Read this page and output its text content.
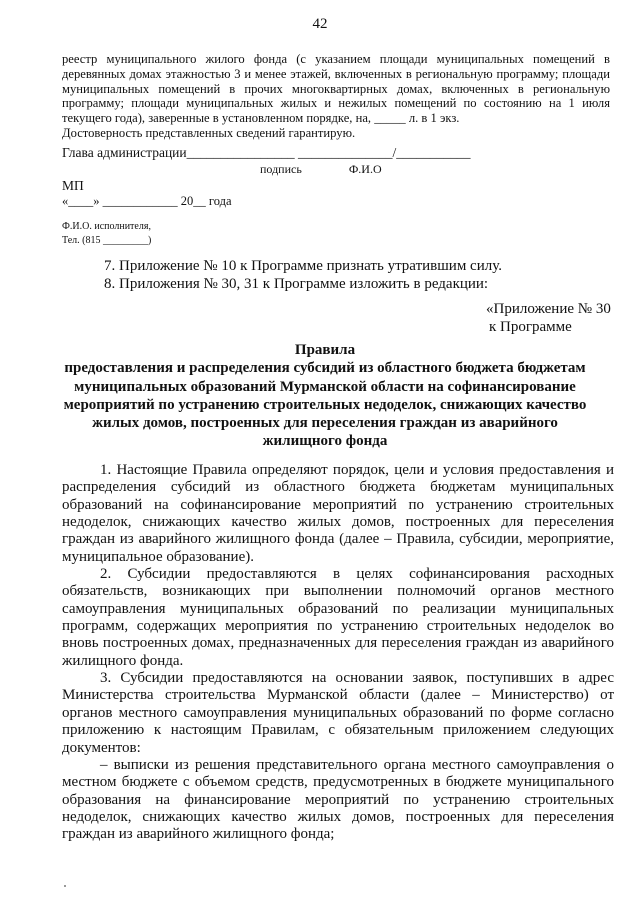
42

реестр муниципального жилого фонда (с указанием площади муниципальных помещений в деревянных домах этажностью 3 и менее этажей, включенных в региональную программу; площади муниципальных помещений в прочих многоквартирных домах, включенных в региональную программу; площади муниципальных жилых и нежилых помещений по состоянию на 1 июля текущего года), заверенные в установленном порядке, на, _____ л. в 1 экз.

Достоверность представленных сведений гарантирую.

Глава администрации________________ ______________/___________
подпись	Ф.И.О
МП
«____» ____________ 20__ года
Ф.И.О. исполнителя,
Тел. (815 _________)
7. Приложение № 10 к Программе признать утратившим силу.
8. Приложения № 30, 31 к Программе изложить в редакции:
«Приложение № 30
к Программе
Правила
предоставления и распределения субсидий из областного бюджета бюджетам муниципальных образований Мурманской области на софинансирование мероприятий по устранению строительных недоделок, снижающих качество жилых домов, построенных для переселения граждан из аварийного жилищного фонда

1. Настоящие Правила определяют порядок, цели и условия предоставления и распределения субсидий из областного бюджета бюджетам муниципальных образований на софинансирование мероприятий по устранению строительных недоделок, снижающих качество жилых домов, построенных для переселения граждан из аварийного жилищного фонда (далее – Правила, субсидии, мероприятие, муниципальное образование).

2. Субсидии предоставляются в целях софинансирования расходных обязательств, возникающих при выполнении полномочий органов местного самоуправления муниципальных образований по реализации муниципальных программ, содержащих мероприятия по устранению строительных недоделок во вновь построенных домах, предназначенных для переселения граждан из аварийного жилищного фонда.

3. Субсидии предоставляются на основании заявок, поступивших в адрес Министерства строительства Мурманской области (далее – Министерство) от органов местного самоуправления муниципальных образований по форме согласно приложению к настоящим Правилам, с обязательным приложением следующих документов:

– выписки из решения представительного органа местного самоуправления о местном бюджете с объемом средств, предусмотренных в бюджете муниципального образования на финансирование мероприятий по устранению строительных недоделок, снижающих качество жилых домов, построенных для переселения граждан из аварийного жилищного фонда;
